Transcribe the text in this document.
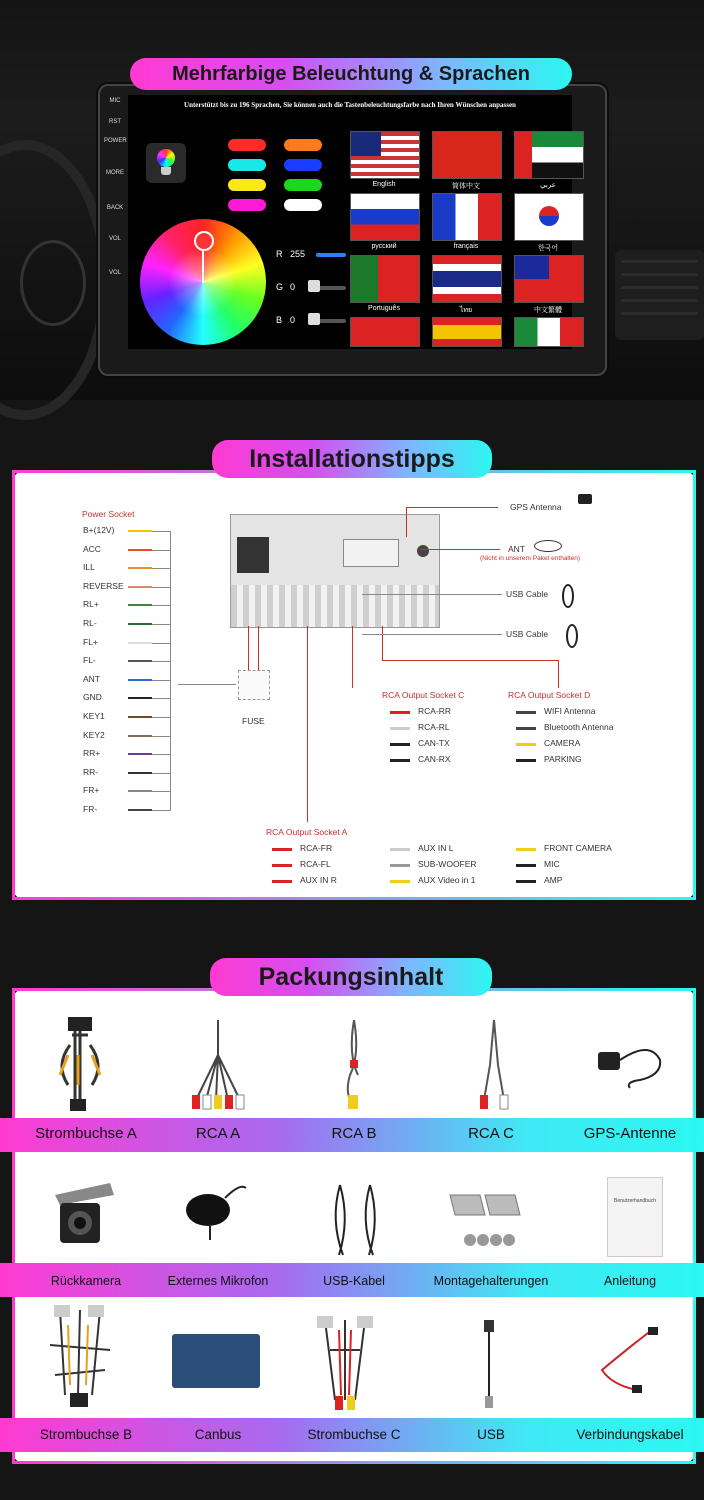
Mehrfarbige Beleuchtung & Sprachen
MIC
RST
POWER
MORE
BACK
VOL
VOL
Unterstützt bis zu 196 Sprachen, Sie können auch die Tastenbeleuchtungsfarbe nach Ihren Wünschen anpassen
R 255
G 0
B 0
English	简体中文	عربي
русский	français	한국어
Português	ไทย	中文繁體
Installationstipps
Power Socket
B+(12V)
ACC
ILL
REVERSE
RL+
RL-
FL+
FL-
ANT
GND
KEY1
KEY2
RR+
RR-
FR+
FR-
FUSE
GPS Antenna
ANT
(Nicht in unserem Paket enthalten)
USB Cable
USB Cable
RCA Output Socket C
RCA-RR
RCA-RL
CAN-TX
CAN-RX
RCA Output Socket D
WIFI Antenna
Bluetooth Antenna
CAMERA
PARKING
RCA Output Socket A
RCA-FR
RCA-FL
AUX IN R
AUX IN L
SUB-WOOFER
AUX Video in 1
FRONT CAMERA
MIC
AMP
Packungsinhalt
Strombuchse A	RCA A	RCA B	RCA C	GPS-Antenne
Rückkamera	Externes Mikrofon	USB-Kabel	Montagehalterungen	Anleitung
Strombuchse B	Canbus	Strombuchse C	USB	Verbindungskabel
Benutzerhandbuch
